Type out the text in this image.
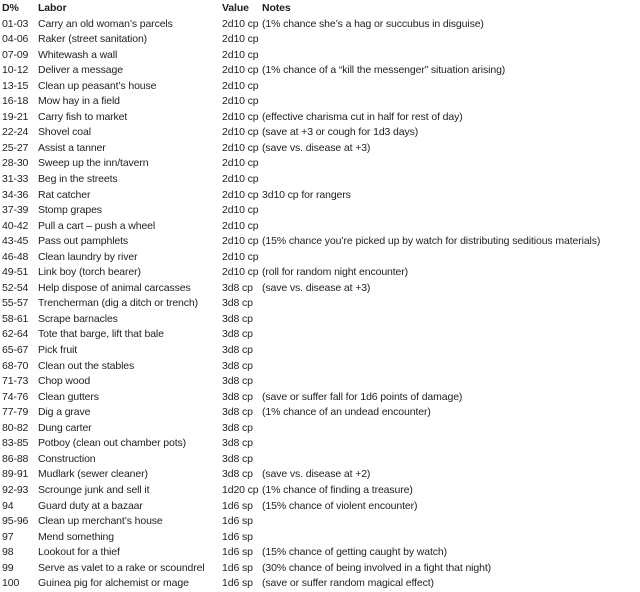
D%	Labor	Value	Notes
01-03 Carry an old woman’s parcels	2d10 cp (1% chance she’s a hag or succubus in disguise)
04-06 Raker (street sanitation)	2d10 cp
07-09 Whitewash a wall	2d10 cp
10-12 Deliver a message	2d10 cp (1% chance of a “kill the messenger” situation arising)
13-15 Clean up peasant’s house	2d10 cp
16-18 Mow hay in a field	2d10 cp
19-21 Carry fish to market	2d10 cp (effective charisma cut in half for rest of day)
22-24 Shovel coal	2d10 cp (save at +3 or cough for 1d3 days)
25-27 Assist a tanner	2d10 cp (save vs. disease at +3)
28-30 Sweep up the inn/tavern	2d10 cp
31-33 Beg in the streets	2d10 cp
34-36 Rat catcher	2d10 cp 3d10 cp for rangers
37-39 Stomp grapes	2d10 cp
40-42 Pull a cart – push a wheel	2d10 cp
43-45 Pass out pamphlets	2d10 cp (15% chance you’re picked up by watch for distributing seditious materials)
46-48 Clean laundry by river	2d10 cp
49-51 Link boy (torch bearer)	2d10 cp (roll for random night encounter)
52-54 Help dispose of animal carcasses	3d8 cp (save vs. disease at +3)
55-57 Trencherman (dig a ditch or trench)	3d8 cp
58-61 Scrape barnacles	3d8 cp
62-64 Tote that barge, lift that bale	3d8 cp
65-67 Pick fruit	3d8 cp
68-70 Clean out the stables	3d8 cp
71-73 Chop wood	3d8 cp
74-76 Clean gutters	3d8 cp (save or suffer fall for 1d6 points of damage)
77-79 Dig a grave	3d8 cp (1% chance of an undead encounter)
80-82 Dung carter	3d8 cp
83-85 Potboy (clean out chamber pots)	3d8 cp
86-88 Construction	3d8 cp
89-91 Mudlark (sewer cleaner)	3d8 cp (save vs. disease at +2)
92-93 Scrounge junk and sell it	1d20 cp (1% chance of finding a treasure)
94	Guard duty at a bazaar	1d6 sp (15% chance of violent encounter)
95-96 Clean up merchant’s house	1d6 sp
97	Mend something	1d6 sp
98	Lookout for a thief	1d6 sp (15% chance of getting caught by watch)
99	Serve as valet to a rake or scoundrel	1d6 sp (30% chance of being involved in a fight that night)
100	Guinea pig for alchemist or mage	1d6 sp (save or suffer random magical effect)
